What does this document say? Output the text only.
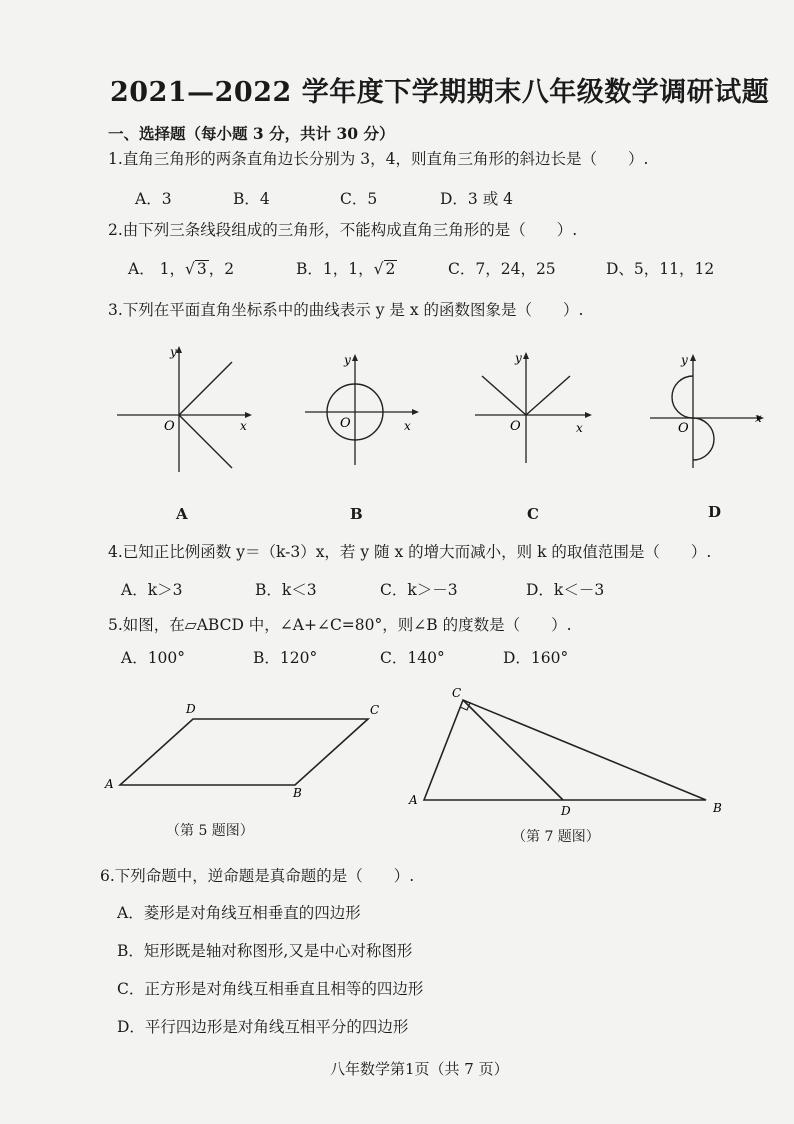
2021—2022 学年度下学期期末八年级数学调研试题
一、选择题（每小题 3 分，共计 30 分）
1.直角三角形的两条直角边长分别为 3，4，则直角三角形的斜边长是（　　）.
A．3	B．4	C．5	D．3 或 4
2.由下列三条线段组成的三角形，不能构成直角三角形的是（　　）.
A． 1，√ 3 ，2	B．1，1，√ 2	C．7，24，25	D、5，11，12
3.下列在平面直角坐标系中的曲线表示 y 是 x 的函数图象是（　　）.
y
x
O
A
y
x
O
B
y
x
O
C
y
x
O
D
4.已知正比例函数 y＝（k-3）x，若 y 随 x 的增大而减小，则 k 的取值范围是（　　）.
A．k＞3	B．k＜3	C．k＞－3	D．k＜－3
5.如图，在▱ABCD 中，∠A+∠C=80°，则∠B 的度数是（　　）.
A．100°	B．120°	C．140°	D．160°
D	C
A
B
（第 5 题图）
C
A
D	B
（第 7 题图）
6.下列命题中，逆命题是真命题的是（　　）.
A．菱形是对角线互相垂直的四边形
B．矩形既是轴对称图形,又是中心对称图形
C．正方形是对角线互相垂直且相等的四边形
D．平行四边形是对角线互相平分的四边形
八年数学第1页（共 7 页）
